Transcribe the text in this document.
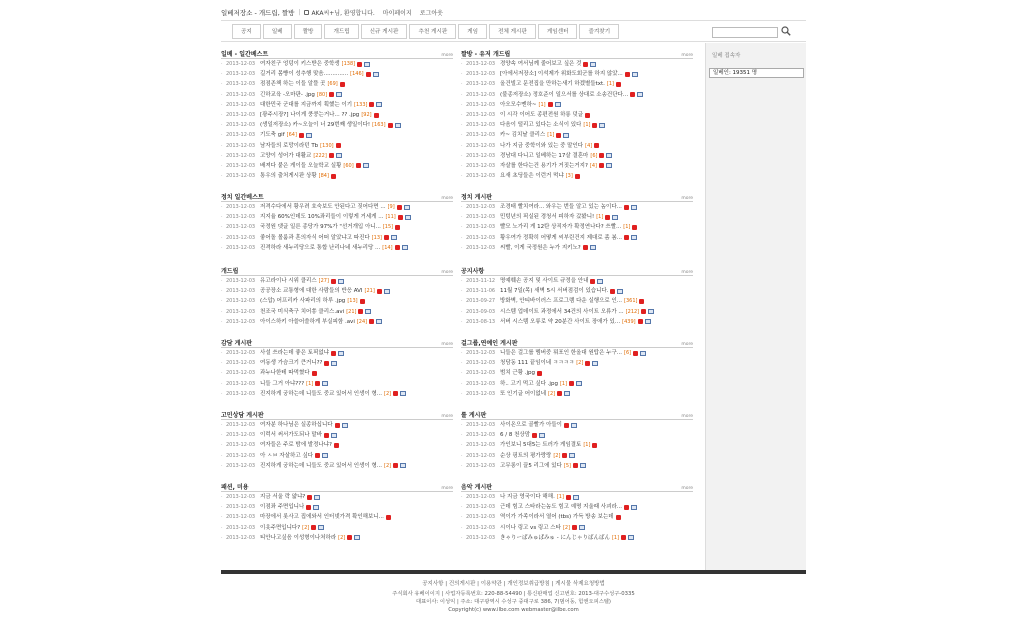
일베저장소 - 개드립, 짤방 | AKA씨+님, 환영합니다. 마이페이지 로그아웃
공지	일베	짤방	개드립	신규 게시판	추천 게시판	게임	전체 게시판	게임센터	즐겨찾기
일베 - 일간베스트	more
· 2013-12-03 여자친구 엉덩이 키스받은 중학생 [138]
· 2013-12-03 길거리 몸빵이 성추행 맞음.............. [146]
· 2013-12-03 점점존책 하는 이들 알뜰 곳 [69]
· 2013-12-03 긴하교육 -오마판- .jpg [80]
· 2013-12-03 대한민국 군대를 지금까지 획했는 이기 [133]
· 2013-12-03 [광주시장?] 나이게 쿵쿵는거나... ?? .jpg [92]
· 2013-12-03 (생일저장소) 카~오늘이 너 29번째 생일이다! [163]
· 2013-12-03 기도축 gif [64]
· 2013-12-03 남자들의 로망이라던 Tb [130]
· 2013-12-03 고양이 성어가 대활교 [222]
· 2013-12-03 배져다 붙은 게이들 오늘학교 실황 [60]
· 2013-12-03 통우의 출처게시판 상황 [84]
정치 일간베스트	more
· 2013-12-03 저격수다에서 황우려 호숙보도 안된다고 짖어다면 ... [9]
· 2013-12-03 지지율 60%인데도 10%좌리들이 이렇게 거세게 ... [11]
· 2013-12-03 국정원 댓글 일른 종당가 97%가 "선거개입 아니... [15]
· 2013-12-03 좋어돌 볼룸과 혼의자식 어떠 알았냐고 따진다 [13]
· 2013-12-03 진격하라 새누리당으로 통합 난리나네 새누리당 ... [14]
개드립	more
· 2013-12-03 유고라이나 시위 클리스 [27]
· 2013-12-03 공공장소 교통형에 대한 사람들의 반응 AVI [21]
· 2013-12-03 (스압) 어프리카 사파리의 하루 .jpg [13]
· 2013-12-03 천조국 미식축구 치어쏭 클리스.avi [21]
· 2013-12-03 아이스하키 아쓸어쓸하게 부실피함 .avi [24]
감담 게시판	more
· 2013-12-03 사설 쓰라는데 좋은 토픽없냐
· 2013-12-03 여동생 가슴크기 큰거니??
· 2013-12-03 과누나한테 따먹혔다
· 2013-12-03 니들 그거 아냐??? [1]
· 2013-12-03 진지하게 궁하는데 니들도 중교 있어서 인생이 형... [2]
고민상담 게시판	more
· 2013-12-03 여자분 하나님은 실종하십니다
· 2013-12-03 이럭서 써서가도되나 말바
· 2013-12-03 여자들은 주로 밤에 발정나냐?
· 2013-12-03 아 ㅅㅂ 자살하고 싶다
· 2013-12-03 진지하게 궁하는데 니들도 중교 있어서 인생이 형... [2]
패션, 미용	more
· 2013-12-03 지금 서울 락 얇냐?
· 2013-12-03 이점좌 주면입니나
· 2013-12-03 마장에서 롯사고 집에와서 인터넷가격 확인해보니...
· 2013-12-03 이옷주면입니다? [2]
· 2013-12-03 티안나고싶음 이성형이나처하라 [2]
짤방 - 유저 개드립	more
· 2013-12-03 경양속 여서님께 줄어보고 싶은 것
· 2013-12-03 [아에서저장소] 이석제가 위화도회군를 하지 않았...
· 2013-12-03 올건빌고 문전집을 만하는새기 하겠별들txt. [1]
· 2013-12-03 (불종저장소) 정호준이 일으서를 상대로 소송건단다...
· 2013-12-03 아오모수멘하~ [1]
· 2013-12-03 이 시각 이어도 종편전원 하롱 덧글
· 2013-12-03 다음이 털리고 있다는 소식이 있다 [1]
· 2013-12-03 카~ 김치날 클리스 [1]
· 2013-12-03 나가 지금 중학이와 있는 중 말인다 [4]
· 2013-12-03 경남대 다니고 일베하는 17살 결혼마 [6]
· 2013-12-03 자살를 한다는건 용기가 거짓는거지? [4]
· 2013-12-03 요새 초딩들은 이런거 먹냐 [3]
정치 게시판	more
· 2013-12-03 조경태 빨치여라... 와우는 번들 알고 있는 놈이다...
· 2013-12-03 민텅년의 픽실된 경청서 피하자 갔봤니! [1]
· 2013-12-03 빨모 노가리 게 12탄 상직자가 확정연나다? 쓰빨... [1]
· 2013-12-03 황우여가 정확히 어떻게 씨부린건지 제대로 좀 봄...
· 2013-12-03 씨빨, 이게 국정원은 누가 지키노?
공지사항	more
· 2013-11-12 명예훼손 공지 및 사이트 규정을 안내
· 2013-11-06 11월 7일(목) 새벽 5시 서버점검이 있습니다.
· 2013-09-27 방화벽, 안티바이러스 프로그램 다운 실행으로 인... [361]
· 2013-09-03 시스템 업데이트 과정에서 34건의 사이트 오류가 ... [212]
· 2013-08-13 서버 시스템 오류로 약 20분간 사이트 장애가 있... [439]
걸그룹,연예인 게시판	more
· 2013-12-03 니들은 걸그룹 멤버중 뭐포인 한올대 원탑은 누구... [6]
· 2013-12-03 청담동 111 끝임이네 ㅋㅋㅋㅋ [2]
· 2013-12-03 범치 근황 .jpg
· 2013-12-03 하.. 고기 먹고 싶다 .jpg [1]
· 2013-12-03 또 인기글 어이없네 [2]
롤 게시판	more
· 2013-12-03 사이온으로 골빨가 아들이
· 2013-12-03 6 / 8 천상맘
· 2013-12-03 가인보니 5대5는 트러가 게임결토 [1]
· 2013-12-03 순상 핑트의 평가랑랑 [2]
· 2013-12-03 고무롱이 끌5 리그에 있다 [5]
음악 게시판	more
· 2013-12-03 나 지금 영국이다 해해. [1]
· 2013-12-03 근데 힘고 스타라는놈도 힘고 예명 지울때 사괴라...
· 2013-12-03 역이가 가족이라서 열어 (tbs) 가득 방송 보는데
· 2013-12-03 시이나 링고 vs 링고 스타 [2]
· 2013-12-03 きゃりーぱみゅぱみゅ - にんじゃりばんばん [1]
일베 접속자
일베인: 19351 명
공지사항 | 건의게시판 | 이용약관 | 개인정보취급방침 | 게시물 삭제요청방법
주식회사 유베이이지 | 사업자등록번호: 220-88-54490 | 통신판매업 신고번호: 2013-대구수성구-0335
대표이사: 이성익 | 주소: 대구광역시 수성구 중대구로 386, 7(범어동, 힘앤오피스텔)
Copyright(c) www.ilbe.com webmaster@ilbe.com
